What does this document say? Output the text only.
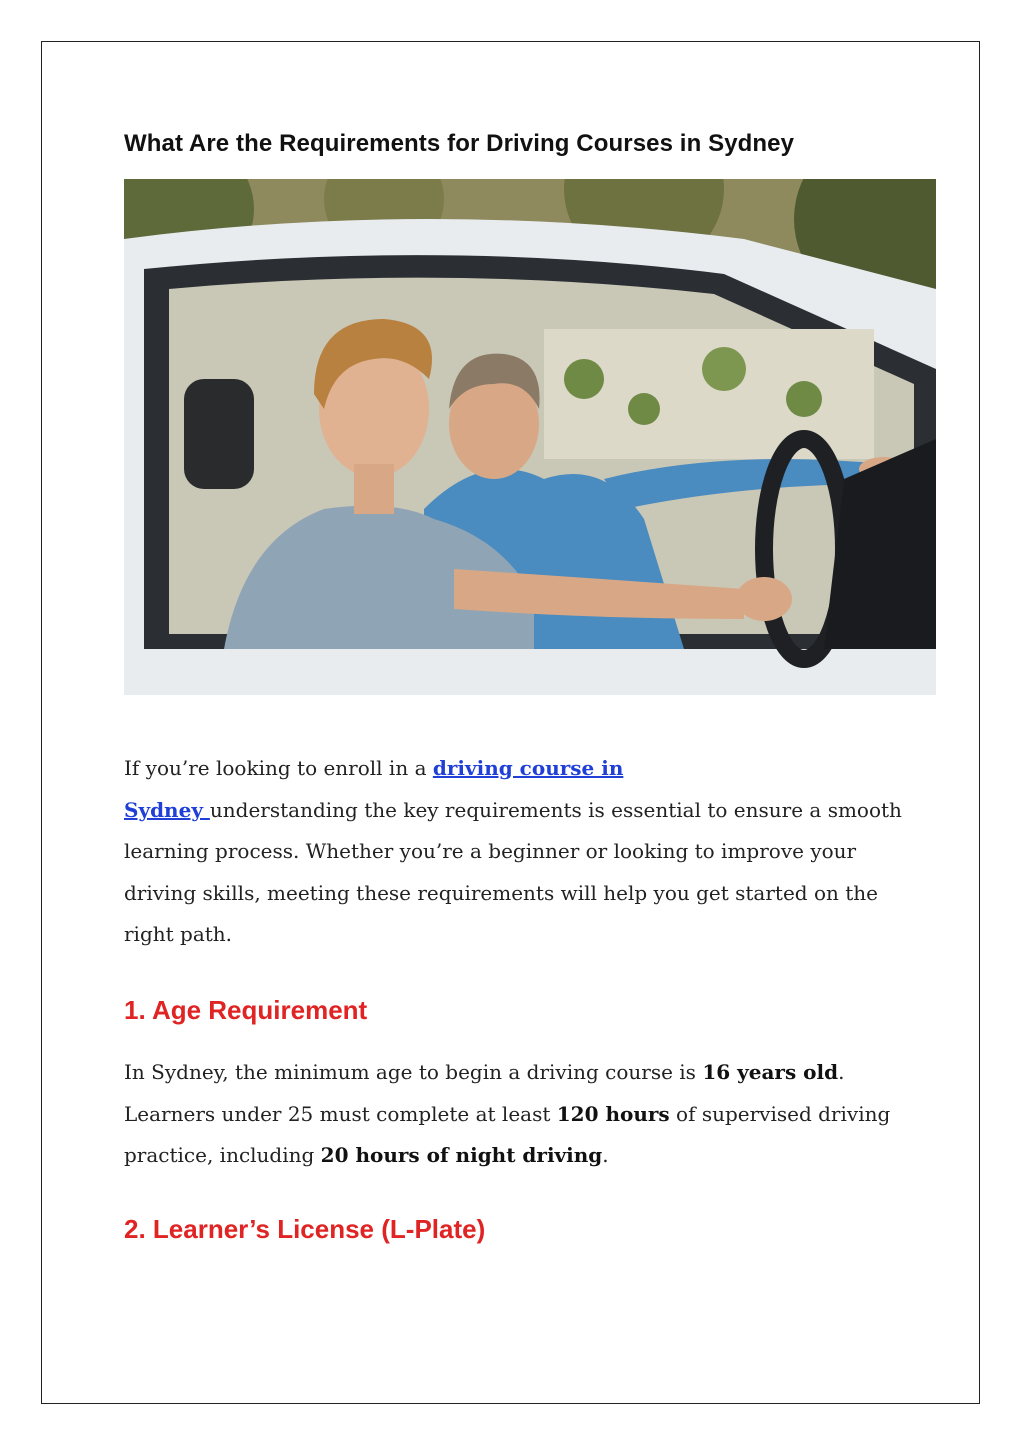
What Are the Requirements for Driving Courses in Sydney

If you’re looking to enroll in a driving course in
Sydney understanding the key requirements is essential to ensure a smooth learning process. Whether you’re a beginner or looking to improve your driving skills, meeting these requirements will help you get started on the right path.

1. Age Requirement

In Sydney, the minimum age to begin a driving course is 16 years old. Learners under 25 must complete at least 120 hours of supervised driving practice, including 20 hours of night driving.

2. Learner’s License (L-Plate)
